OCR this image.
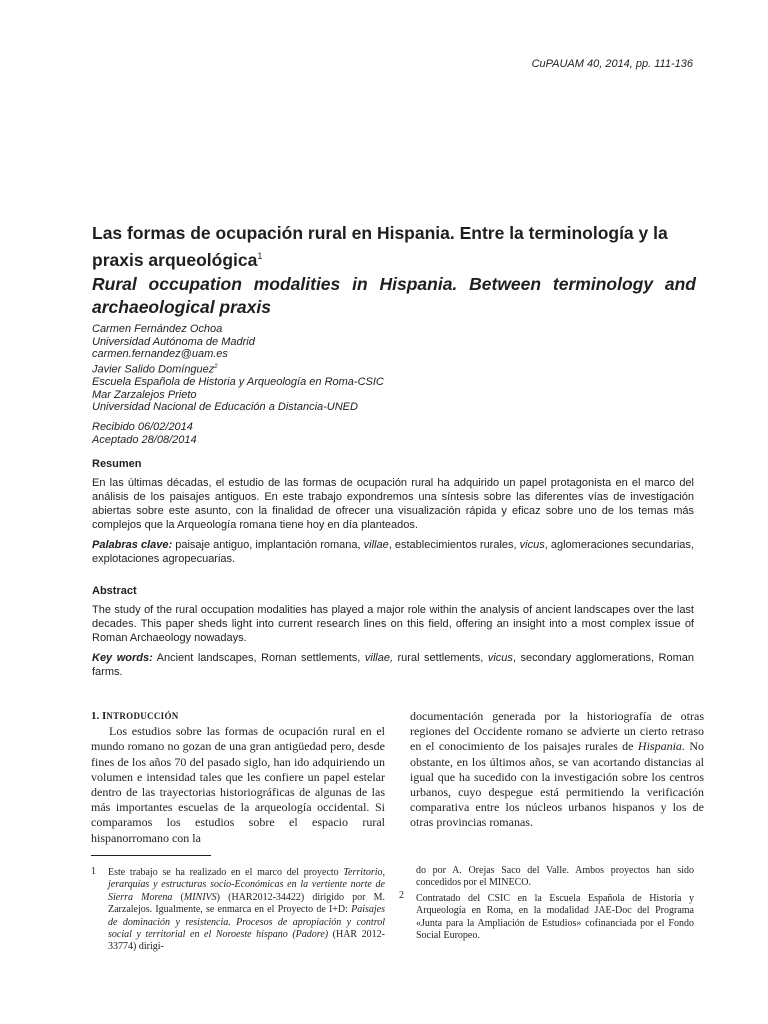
CuPAUAM 40, 2014, pp. 111-136
Las formas de ocupación rural en Hispania. Entre la terminología y la praxis arqueológica$^1$
Rural occupation modalities in Hispania. Between terminology and archaeological praxis
Carmen Fernández Ochoa
Universidad Autónoma de Madrid
carmen.fernandez@uam.es
Javier Salido Domínguez$^2$
Escuela Española de Historia y Arqueología en Roma-CSIC
Mar Zarzalejos Prieto
Universidad Nacional de Educación a Distancia-UNED
Recibido 06/02/2014
Aceptado 28/08/2014
Resumen
En las últimas décadas, el estudio de las formas de ocupación rural ha adquirido un papel protagonista en el marco del análisis de los paisajes antiguos. En este trabajo expondremos una síntesis sobre las diferentes vías de investigación abiertas sobre este asunto, con la finalidad de ofrecer una visualización rápida y eficaz sobre uno de los temas más complejos que la Arqueología romana tiene hoy en día planteados.
Palabras clave: paisaje antiguo, implantación romana, villae, establecimientos rurales, vicus, aglomeraciones secundarias, explotaciones agropecuarias.
Abstract
The study of the rural occupation modalities has played a major role within the analysis of ancient landscapes over the last decades. This paper sheds light into current research lines on this field, offering an insight into a most complex issue of Roman Archaeology nowadays.
Key words: Ancient landscapes, Roman settlements, villae, rural settlements, vicus, secondary agglomerations, Roman farms.
1. INTRODUCCIÓN
Los estudios sobre las formas de ocupación rural en el mundo romano no gozan de una gran antigüedad pero, desde fines de los años 70 del pasado siglo, han ido adquiriendo un volumen e intensidad tales que les confiere un papel estelar dentro de las trayectorias historiográficas de algunas de las más importantes escuelas de la arqueología occidental. Si comparamos los estudios sobre el espacio rural hispanorromano con la
documentación generada por la historiografía de otras regiones del Occidente romano se advierte un cierto retraso en el conocimiento de los paisajes rurales de Hispania. No obstante, en los últimos años, se van acortando distancias al igual que ha sucedido con la investigación sobre los centros urbanos, cuyo despegue está permitiendo la verificación comparativa entre los núcleos urbanos hispanos y los de otras provincias romanas.
1 Este trabajo se ha realizado en el marco del proyecto Territorio, jerarquías y estructuras socio-Económicas en la vertiente norte de Sierra Morena (MINIVS) (HAR2012-34422) dirigido por M. Zarzalejos. Igualmente, se enmarca en el Proyecto de I+D: Paisajes de dominación y resistencia. Procesos de apropiación y control social y territorial en el Noroeste hispano (Padore) (HAR 2012-33774) dirigi-
do por A. Orejas Saco del Valle. Ambos proyectos han sido concedidos por el MINECO.
2 Contratado del CSIC en la Escuela Española de Historia y Arqueología en Roma, en la modalidad JAE-Doc del Programa «Junta para la Ampliación de Estudios» cofinanciada por el Fondo Social Europeo.
